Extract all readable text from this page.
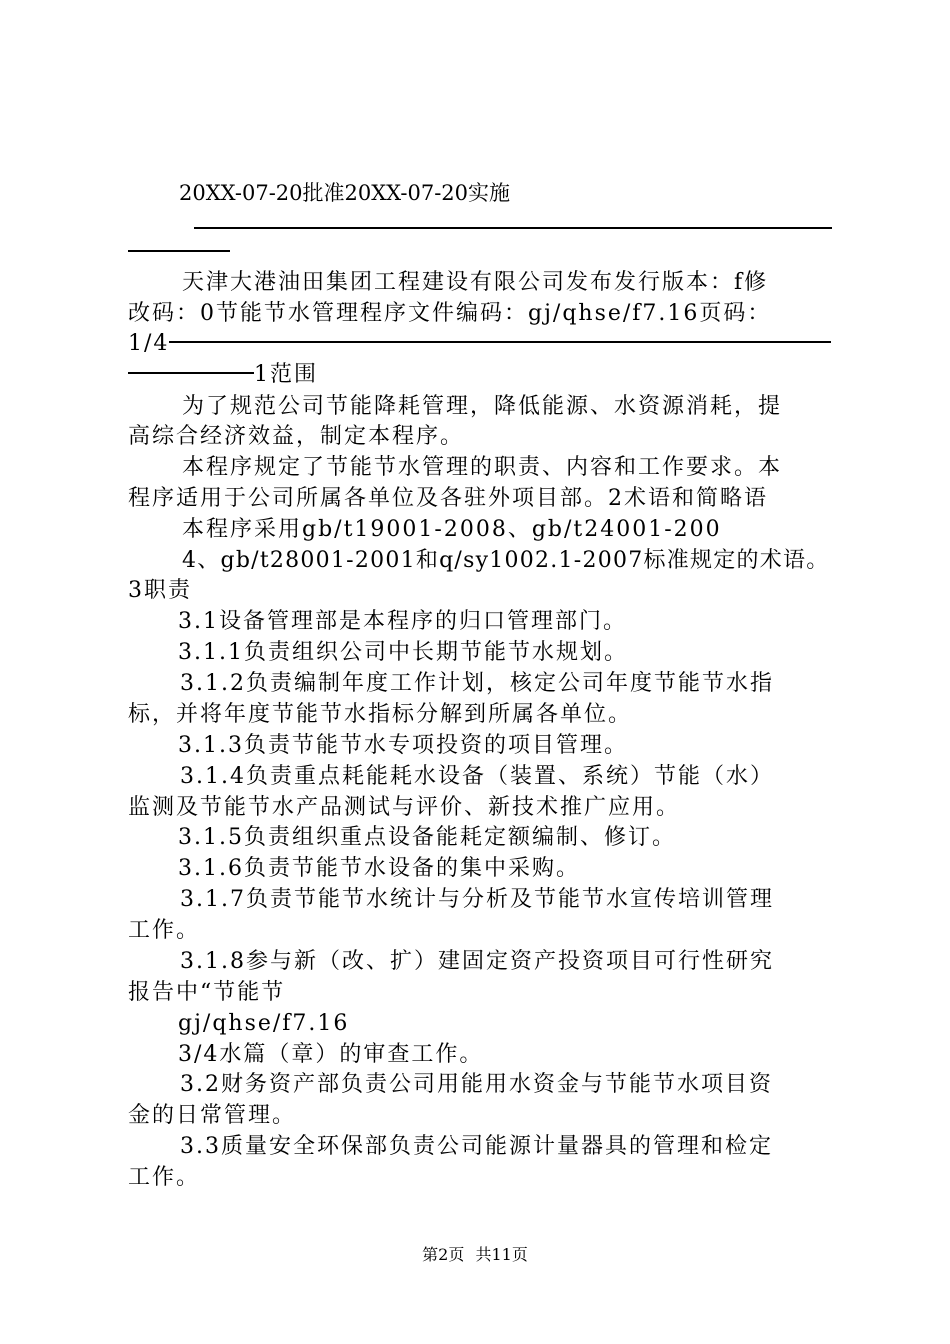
20XX-07-20批准20XX-07-20实施
天津大港油田集团工程建设有限公司发布发行版本：f修
改码：0节能节水管理程序文件编码：gj/qhse/f7.16页码：
1/4
1范围
为了规范公司节能降耗管理，降低能源、水资源消耗，提
高综合经济效益，制定本程序。
本程序规定了节能节水管理的职责、内容和工作要求。本
程序适用于公司所属各单位及各驻外项目部。2术语和简略语
本程序采用gb/t19001-2008、gb/t24001-200
4、gb/t28001-2001和q/sy1002.1-2007标准规定的术语。
3职责
3.1设备管理部是本程序的归口管理部门。
3.1.1负责组织公司中长期节能节水规划。
3.1.2负责编制年度工作计划，核定公司年度节能节水指
标，并将年度节能节水指标分解到所属各单位。
3.1.3负责节能节水专项投资的项目管理。
3.1.4负责重点耗能耗水设备（装置、系统）节能（水）
监测及节能节水产品测试与评价、新技术推广应用。
3.1.5负责组织重点设备能耗定额编制、修订。
3.1.6负责节能节水设备的集中采购。
3.1.7负责节能节水统计与分析及节能节水宣传培训管理
工作。
3.1.8参与新（改、扩）建固定资产投资项目可行性研究
报告中“节能节
gj/qhse/f7.16
3/4水篇（章）的审查工作。
3.2财务资产部负责公司用能用水资金与节能节水项目资
金的日常管理。
3.3质量安全环保部负责公司能源计量器具的管理和检定
工作。
第2页 共11页
